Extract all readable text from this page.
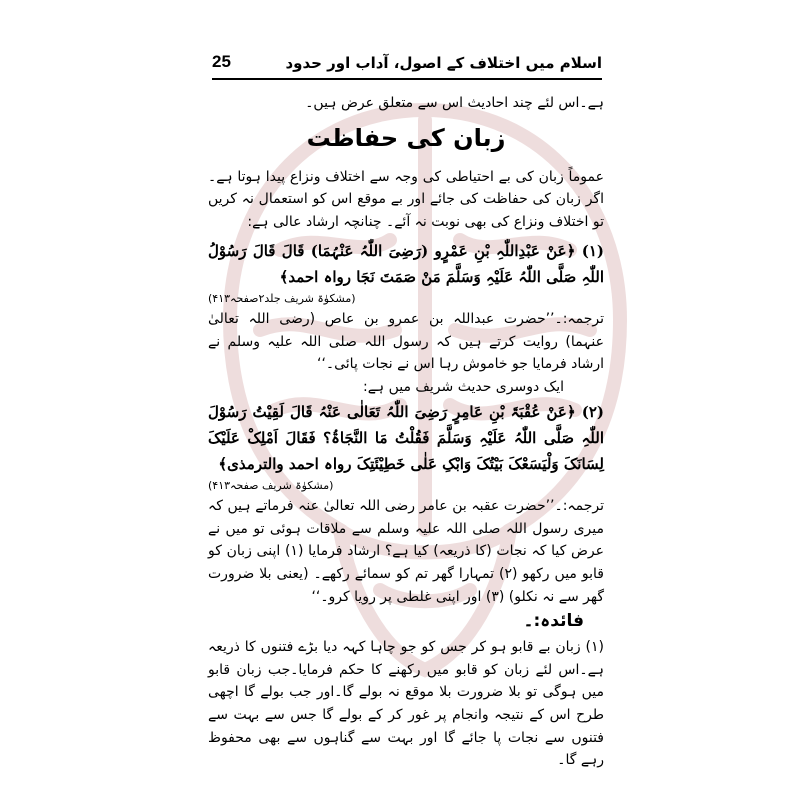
اسلام میں اختلاف کے اصول، آداب اور حدود
25

ہے۔اس لئے چند احادیث اس سے متعلق عرض ہیں۔

زبان کی حفاظت

عموماً زبان کی بے احتیاطی کی وجہ سے اختلاف ونزاع پیدا ہوتا ہے۔اگر زبان کی حفاظت کی جائے اور بے موقع اس کو استعمال نہ کریں تو اختلاف ونزاع کی بھی نوبت نہ آئے۔ چنانچہ ارشاد عالی ہے:

(۱) ﴿عَنْ عَبْدِاللّٰہِ بْنِ عَمْرٍو (رَضِیَ اللّٰہُ عَنْہُمَا) قَالَ قَالَ رَسُوْلُ اللّٰہِ صَلَّی اللّٰہُ عَلَیْہِ وَسَلَّمَ مَنْ صَمَتَ نَجَا رواہ احمد﴾

(مشکوٰۃ شریف جلد۲صفحہ۴۱۳)

ترجمہ:۔’’حضرت عبداللہ بن عمرو بن عاص (رضی اللہ تعالیٰ عنہما) روایت کرتے ہیں کہ رسول اللہ صلی اللہ علیہ وسلم نے ارشاد فرمایا جو خاموش رہا اس نے نجات پائی۔‘‘

ایک دوسری حدیث شریف میں ہے:

(۲) ﴿عَنْ عُقْبَۃَ بْنِ عَامِرٍ رَضِیَ اللّٰہُ تَعَالٰی عَنْہُ قَالَ لَقِیْتُ رَسُوْلَ اللّٰہِ صَلَّی اللّٰہُ عَلَیْہِ وَسَلَّمَ فَقُلْتُ مَا النَّجَاۃُ؟ فَقَالَ اَمْلِکْ عَلَیْکَ لِسَانَکَ وَلْیَسَعْکَ بَیْتُکَ وَابْکِ عَلٰی خَطِیْئَتِکَ رواہ احمد والترمذی﴾

(مشکوٰۃ شریف صفحہ۴۱۳)

ترجمہ:۔’’حضرت عقبہ بن عامر رضی اللہ تعالیٰ عنہ فرماتے ہیں کہ میری رسول اللہ صلی اللہ علیہ وسلم سے ملاقات ہوئی تو میں نے عرض کیا کہ نجات (کا ذریعہ) کیا ہے؟ ارشاد فرمایا (۱) اپنی زبان کو قابو میں رکھو (۲) تمہارا گھر تم کو سمائے رکھے۔ (یعنی بلا ضرورت گھر سے نہ نکلو) (۳) اور اپنی غلطی پر رویا کرو۔‘‘

فائدہ:۔

(۱) زبان بے قابو ہو کر جس کو جو چاہا کہہ دیا بڑے فتنوں کا ذریعہ ہے۔اس لئے زبان کو قابو میں رکھنے کا حکم فرمایا۔جب زبان قابو میں ہوگی تو بلا ضرورت بلا موقع نہ بولے گا۔اور جب بولے گا اچھی طرح اس کے نتیجہ وانجام پر غور کر کے بولے گا جس سے بہت سے فتنوں سے نجات پا جائے گا اور بہت سے گناہوں سے بھی محفوظ رہے گا۔
